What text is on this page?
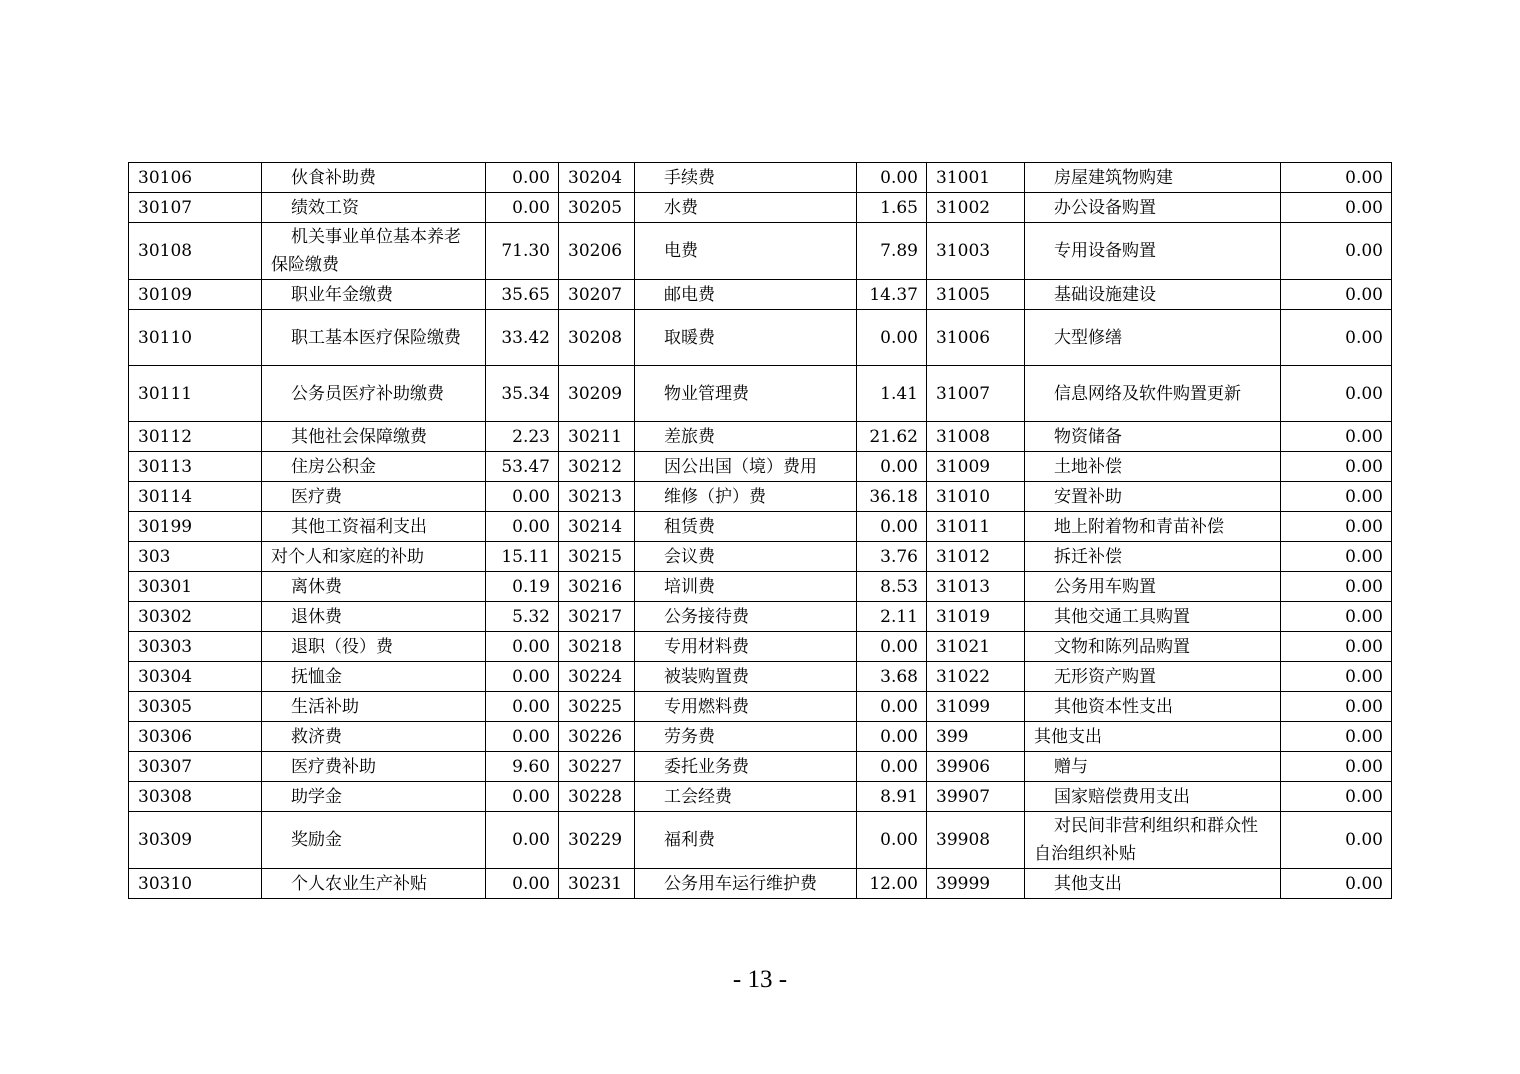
30106	伙食补助费	0.00	30204	手续费	0.00	31001	房屋建筑物购建	0.00
30107	绩效工资	0.00	30205	水费	1.65	31002	办公设备购置	0.00
30108	机关事业单位基本养老保险缴费	71.30	30206	电费	7.89	31003	专用设备购置	0.00
30109	职业年金缴费	35.65	30207	邮电费	14.37	31005	基础设施建设	0.00
30110	职工基本医疗保险缴费	33.42	30208	取暖费	0.00	31006	大型修缮	0.00
30111	公务员医疗补助缴费	35.34	30209	物业管理费	1.41	31007	信息网络及软件购置更新	0.00
30112	其他社会保障缴费	2.23	30211	差旅费	21.62	31008	物资储备	0.00
30113	住房公积金	53.47	30212	因公出国（境）费用	0.00	31009	土地补偿	0.00
30114	医疗费	0.00	30213	维修（护）费	36.18	31010	安置补助	0.00
30199	其他工资福利支出	0.00	30214	租赁费	0.00	31011	地上附着物和青苗补偿	0.00
303	对个人和家庭的补助	15.11	30215	会议费	3.76	31012	拆迁补偿	0.00
30301	离休费	0.19	30216	培训费	8.53	31013	公务用车购置	0.00
30302	退休费	5.32	30217	公务接待费	2.11	31019	其他交通工具购置	0.00
30303	退职（役）费	0.00	30218	专用材料费	0.00	31021	文物和陈列品购置	0.00
30304	抚恤金	0.00	30224	被装购置费	3.68	31022	无形资产购置	0.00
30305	生活补助	0.00	30225	专用燃料费	0.00	31099	其他资本性支出	0.00
30306	救济费	0.00	30226	劳务费	0.00	399	其他支出	0.00
30307	医疗费补助	9.60	30227	委托业务费	0.00	39906	赠与	0.00
30308	助学金	0.00	30228	工会经费	8.91	39907	国家赔偿费用支出	0.00
30309	奖励金	0.00	30229	福利费	0.00	39908	对民间非营利组织和群众性自治组织补贴	0.00
30310	个人农业生产补贴	0.00	30231	公务用车运行维护费	12.00	39999	其他支出	0.00
- 13 -
